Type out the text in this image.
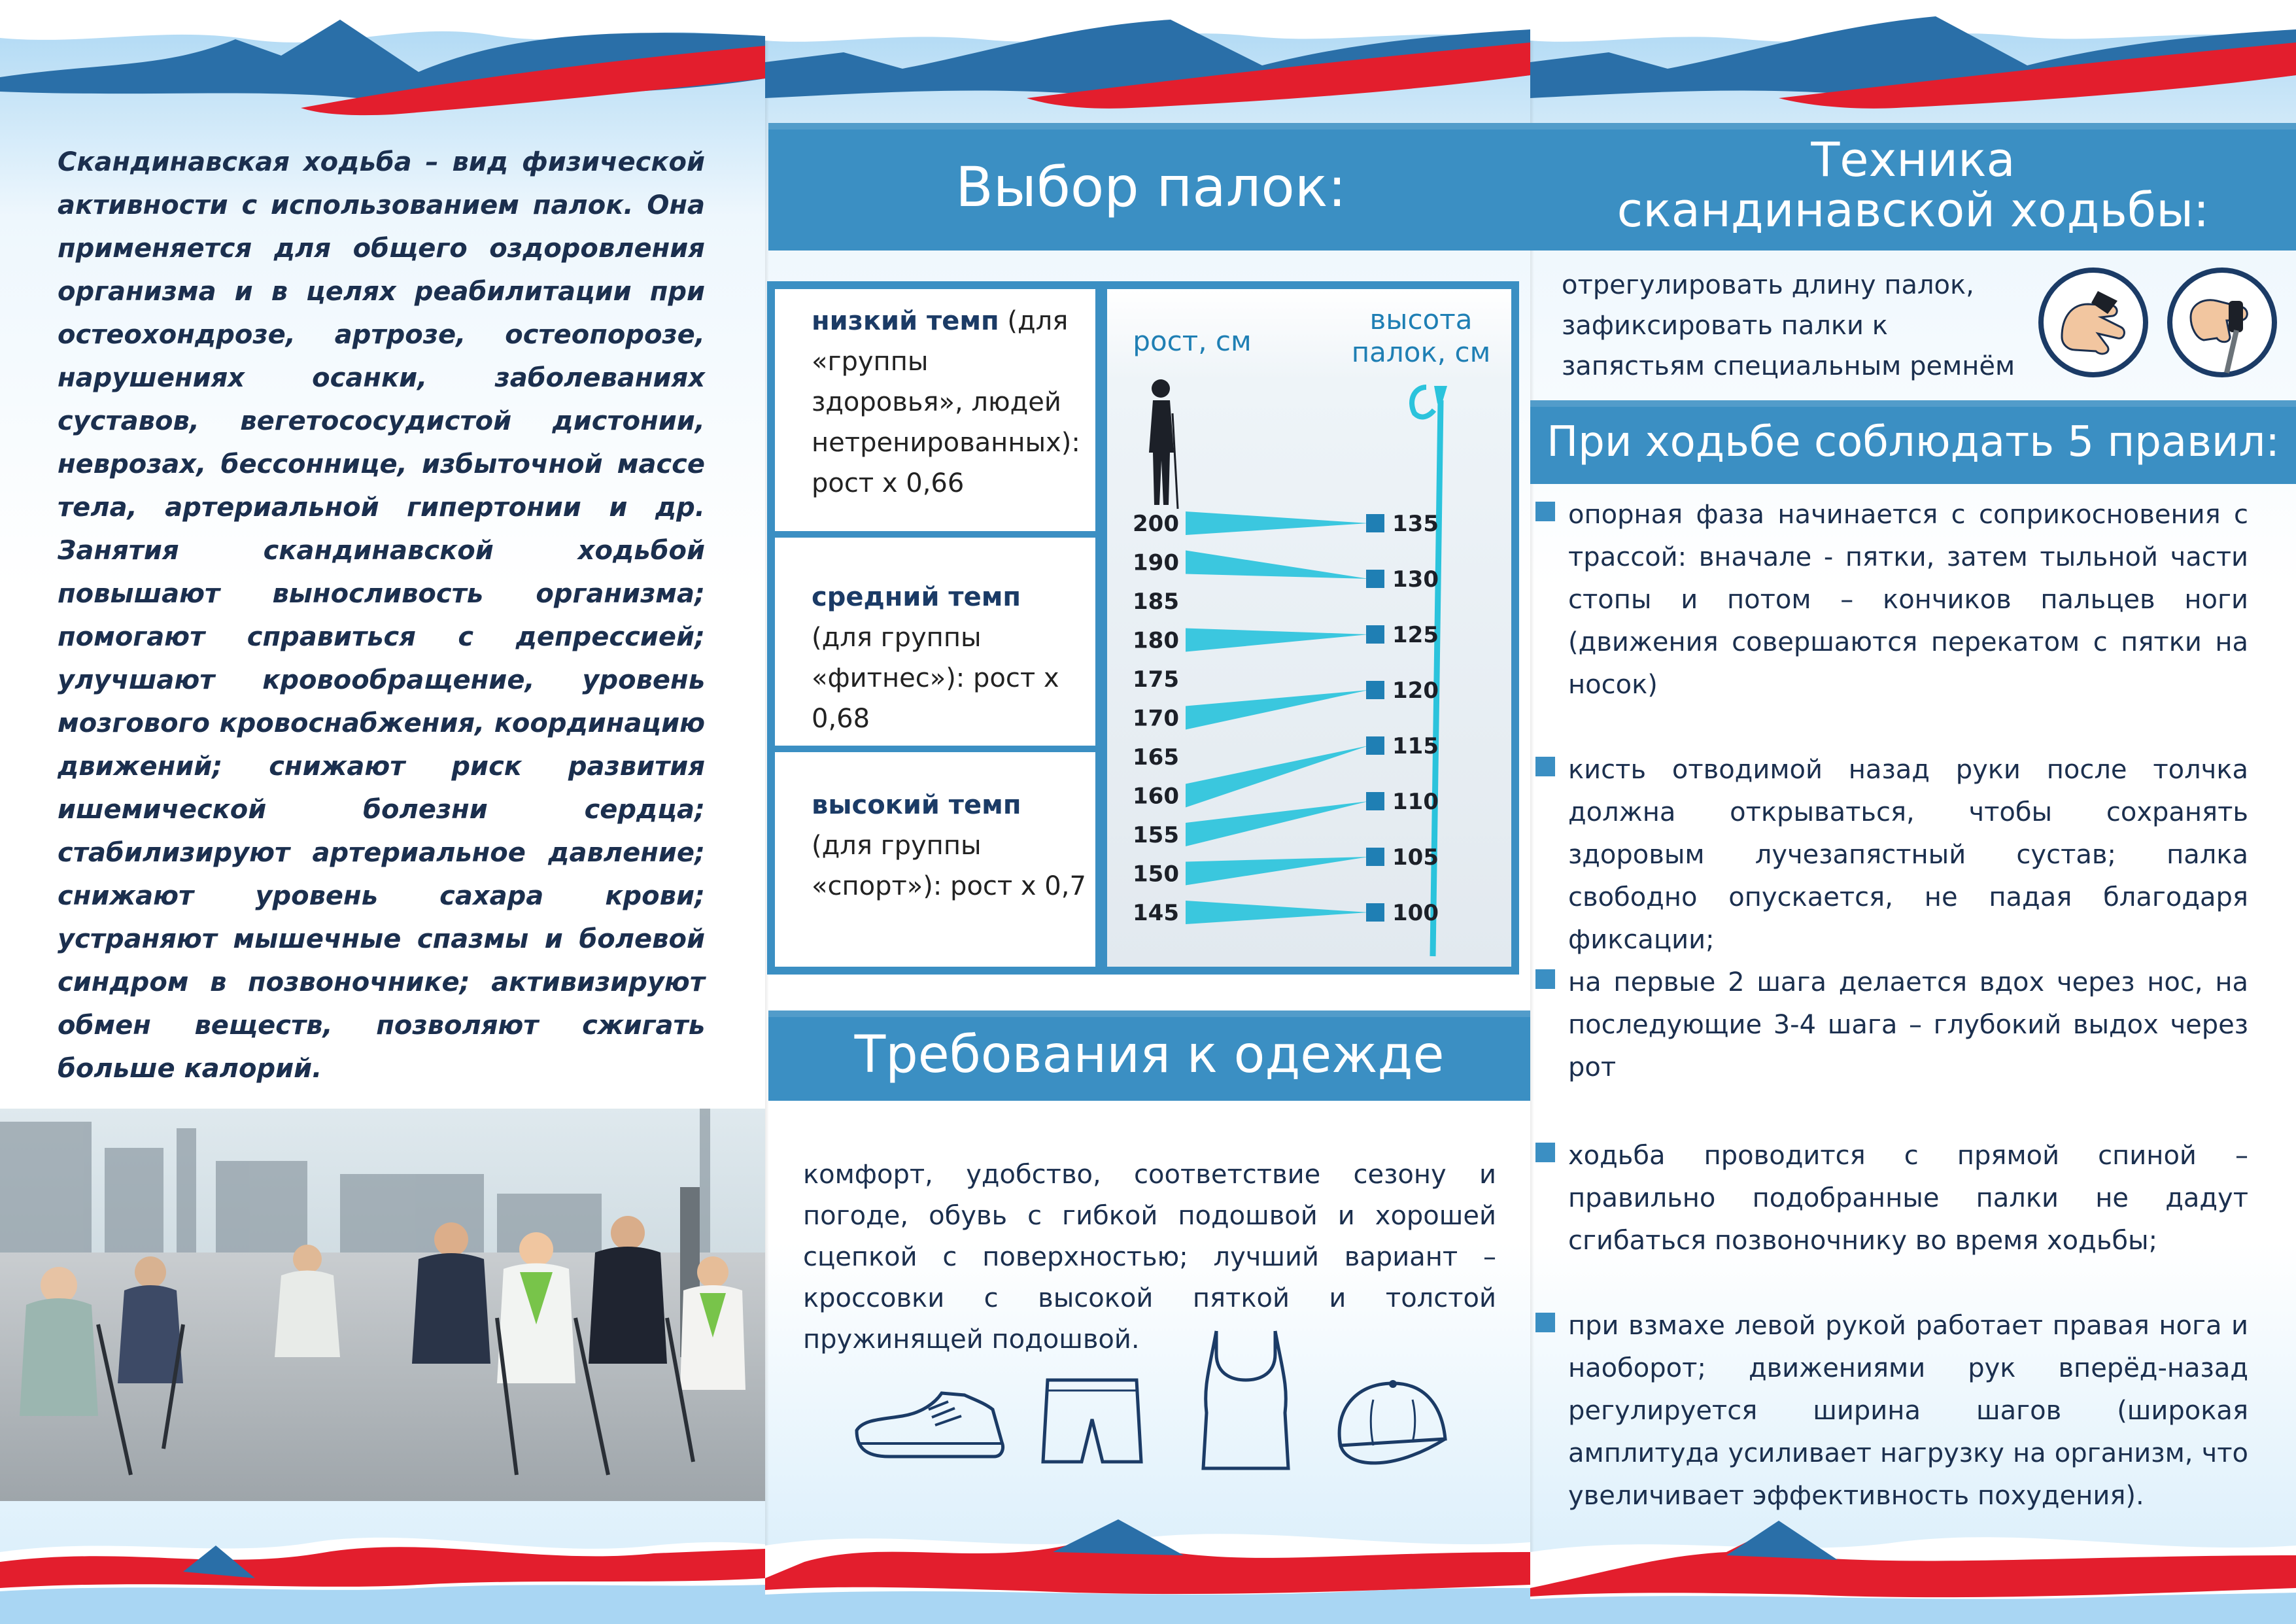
Скандинавская ходьба – вид физической активности с использованием палок. Она применяется для общего оздоровления организма и в целях реабилитации при остеохондрозе, артрозе, остеопорозе, нарушениях осанки, заболеваниях суставов, вегетососудистой дистонии, неврозах, бессоннице, избыточной массе тела, артериальной гипертонии и др. Занятия скандинавской ходьбой повышают выносливость организма; помогают справиться с депрессией; улучшают кровообращение, уровень мозгового кровоснабжения, координацию движений; снижают риск развития ишемической болезни сердца; стабилизируют артериальное давление; снижают уровень сахара крови; устраняют мышечные спазмы и болевой синдром в позвоночнике; активизируют обмен веществ, позволяют сжигать больше калорий.

Выбор палок:

низкий темп (для «группы здоровья», людей нетренированных): рост х 0,66

средний темп (для группы «фитнес»): рост х 0,68

высокий темп (для группы «спорт»): рост х 0,7

рост, см
высота палок, см
200
190
185
180
175
170
165
160
155
150
145
135
130
125
120
115
110
105
100
Требования к одежде

комфорт, удобство, соответствие сезону и погоде, обувь с гибкой подошвой и хорошей сцепкой с поверхностью; лучший вариант – кроссовки с высокой пяткой и толстой пружинящей подошвой.

Техника
скандинавской ходьбы:

отрегулировать длину палок, зафиксировать палки к запястьям специальным ремнём

При ходьбе соблюдать 5 правил:

опорная фаза начинается с соприкосновения с трассой: вначале - пятки, затем тыльной части стопы и потом – кончиков пальцев ноги (движения совершаются перекатом с пятки на носок)

кисть отводимой назад руки после толчка должна открываться, чтобы сохранять здоровым лучезапястный сустав; палка свободно опускается, не падая благодаря фиксации;

на первые 2 шага делается вдох через нос, на последующие 3-4 шага – глубокий выдох через рот

ходьба проводится с прямой спиной – правильно подобранные палки не дадут сгибаться позвоночнику во время ходьбы;

при взмахе левой рукой работает правая нога и наоборот; движениями рук вперёд-назад регулируется ширина шагов (широкая амплитуда усиливает нагрузку на организм, что увеличивает эффективность похудения).
